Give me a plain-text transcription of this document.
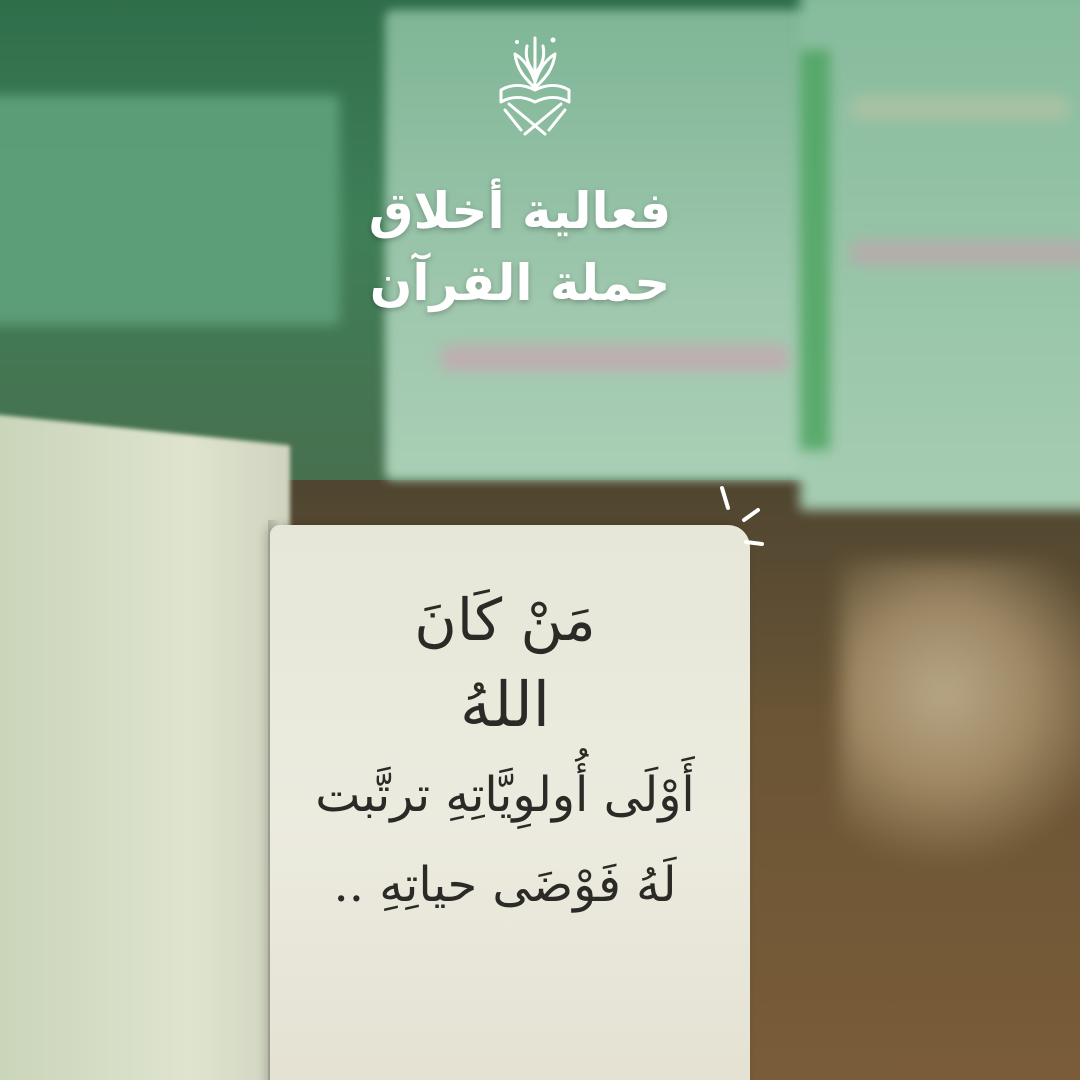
فعالية أخلاق
حملة القرآن
مَنْ كَانَ
اللهُ
أَوْلَى أُولوِيَّاتِهِ ترتَّبت
لَهُ فَوْضَى حياتِهِ ..
